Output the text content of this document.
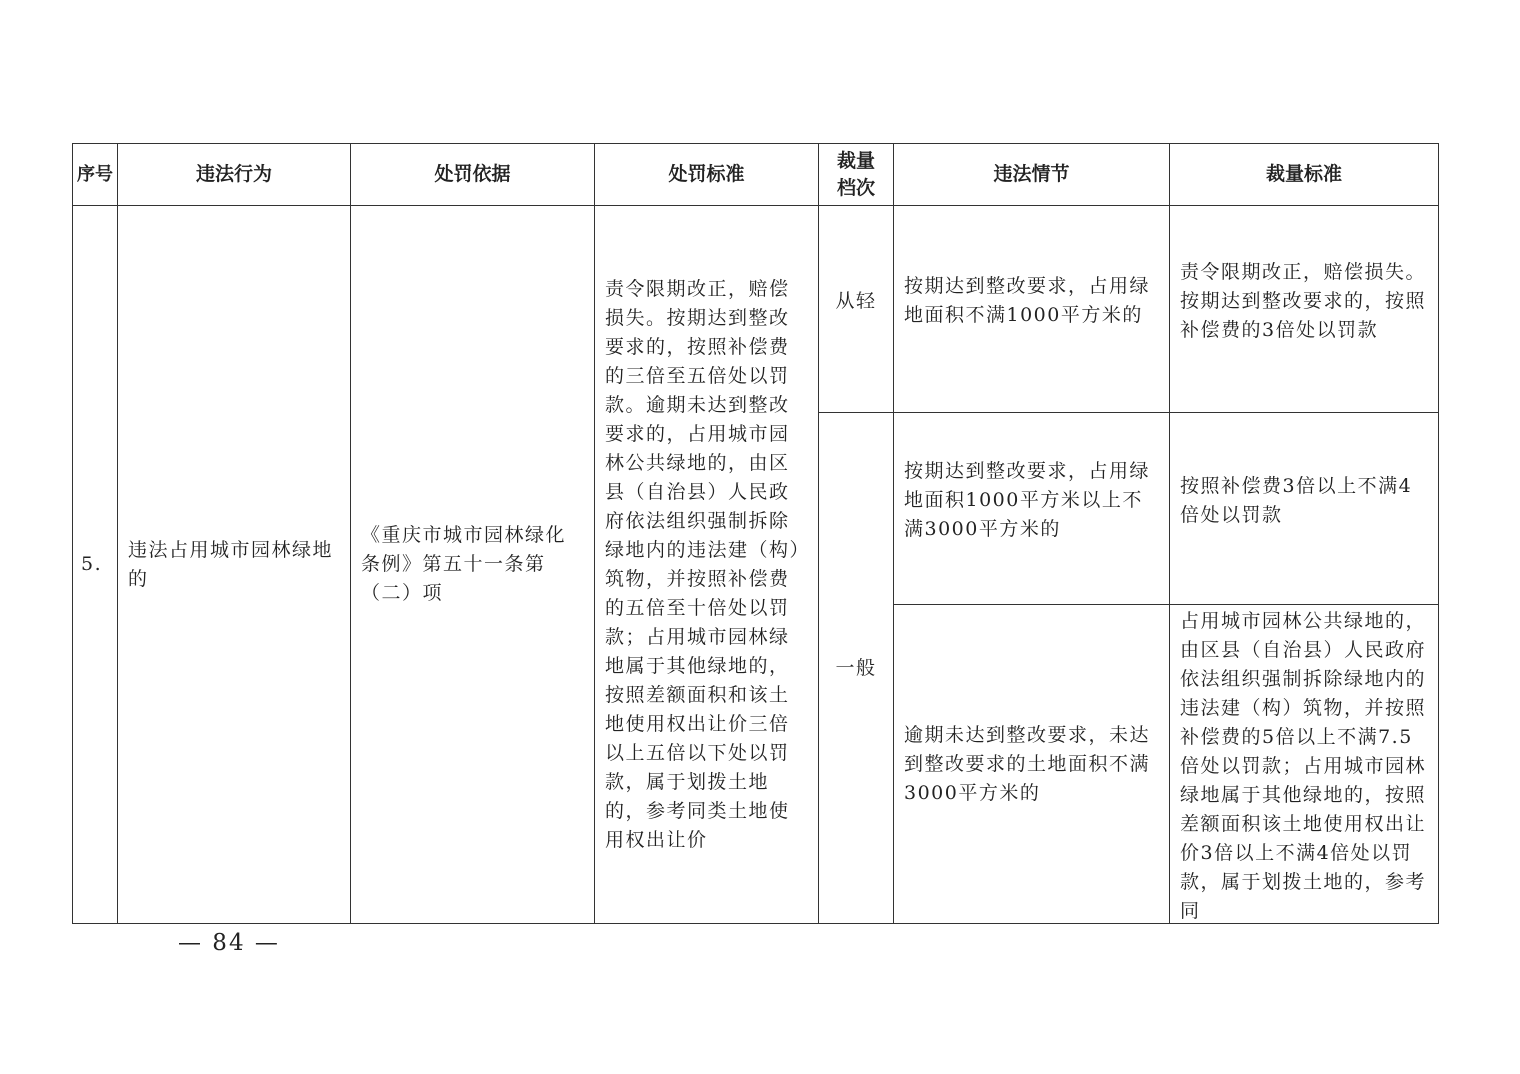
序号	违法行为	处罚依据	处罚标准	裁量档次	违法情节	裁量标准
5.	违法占用城市园林绿地的	《重庆市城市园林绿化条例》第五十一条第（二）项	责令限期改正，赔偿损失。按期达到整改要求的，按照补偿费的三倍至五倍处以罚款。逾期未达到整改要求的，占用城市园林公共绿地的，由区县（自治县）人民政府依法组织强制拆除绿地内的违法建（构）筑物，并按照补偿费的五倍至十倍处以罚款；占用城市园林绿地属于其他绿地的，按照差额面积和该土地使用权出让价三倍以上五倍以下处以罚款，属于划拨土地的，参考同类土地使用权出让价	从轻	按期达到整改要求，占用绿地面积不满1000平方米的	责令限期改正，赔偿损失。按期达到整改要求的，按照补偿费的3倍处以罚款

				一般	按期达到整改要求，占用绿地面积1000平方米以上不满3000平方米的	按照补偿费3倍以上不满4倍处以罚款

					逾期未达到整改要求，未达到整改要求的土地面积不满3000平方米的	占用城市园林公共绿地的，由区县（自治县）人民政府依法组织强制拆除绿地内的违法建（构）筑物，并按照补偿费的5倍以上不满7.5倍处以罚款；占用城市园林绿地属于其他绿地的，按照差额面积该土地使用权出让价3倍以上不满4倍处以罚款，属于划拨土地的，参考同
— 84 —
